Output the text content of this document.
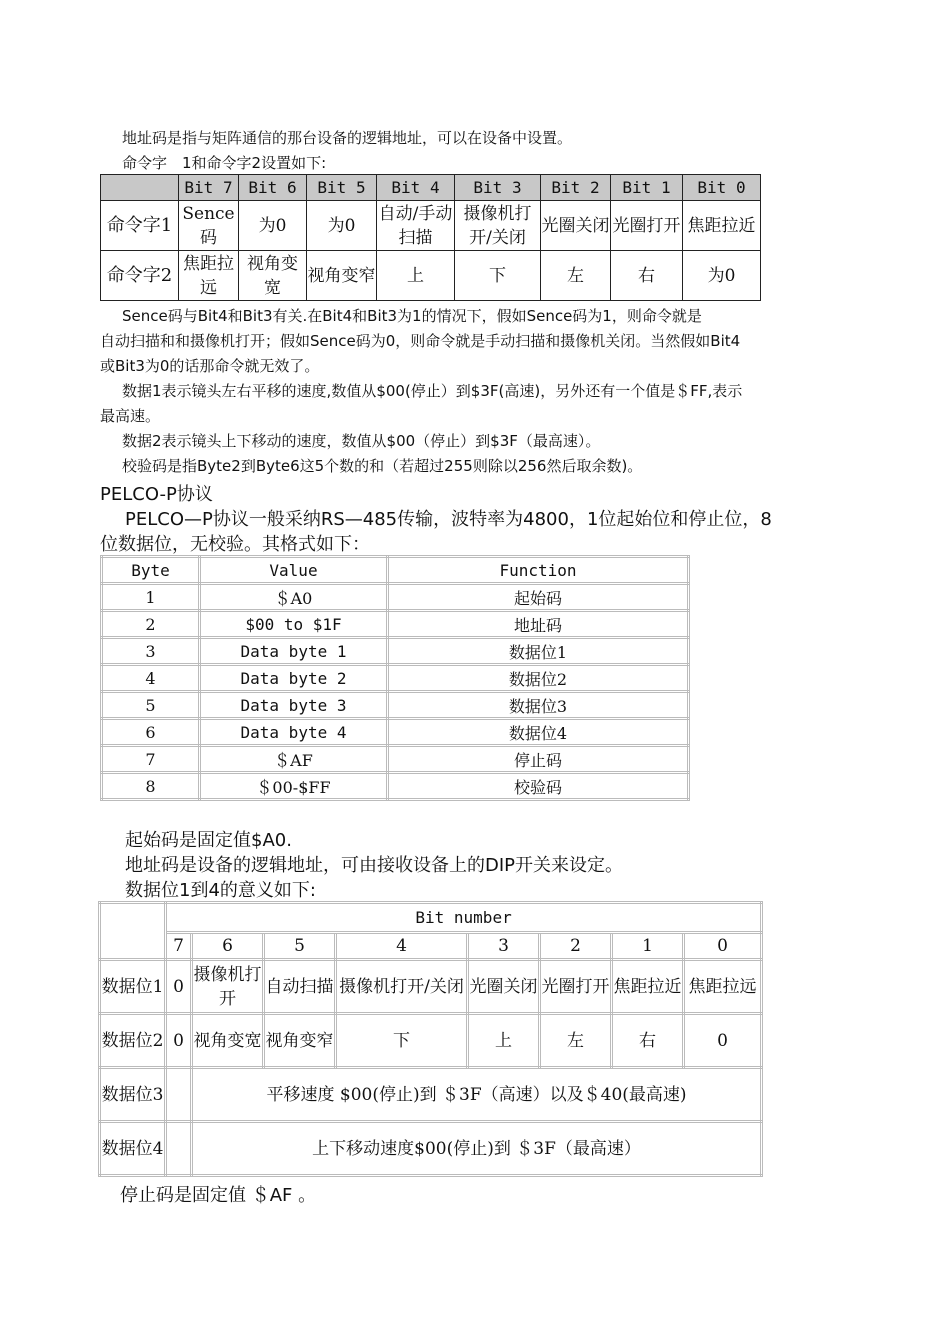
地址码是指与矩阵通信的那台设备的逻辑地址，可以在设备中设置。

命令字　1和命令字2设置如下:

	Bit 7	Bit 6	Bit 5	Bit 4	Bit 3	Bit 2	Bit 1	Bit 0
命令字1	Sence码	为0	为0	自动/手动扫描	摄像机打开/关闭	光圈关闭	光圈打开	焦距拉近
命令字2	焦距拉远	视角变宽	视角变窄	上	下	左	右	为0

Sence码与Bit4和Bit3有关.在Bit4和Bit3为1的情况下，假如Sence码为1，则命令就是

自动扫描和和摄像机打开；假如Sence码为0，则命令就是手动扫描和摄像机关闭。当然假如Bit4

或Bit3为0的话那命令就无效了。

数据1表示镜头左右平移的速度,数值从$00(停止）到$3F(高速)，另外还有一个值是＄FF,表示

最高速。

数据2表示镜头上下移动的速度，数值从$00（停止）到$3F（最高速）。

校验码是指Byte2到Byte6这5个数的和（若超过255则除以256然后取余数)。

PELCO-P协议

PELCO—P协议一般采纳RS—485传输，波特率为4800，1位起始位和停止位，8

位数据位，无校验。其格式如下：

Byte	Value	Function
1	＄A0	起始码
2	$00 to $1F	地址码
3	Data byte 1	数据位1
4	Data byte 2	数据位2
5	Data byte 3	数据位3
6	Data byte 4	数据位4
7	＄AF	停止码
8	＄00-$FF	校验码

起始码是固定值$A0.

地址码是设备的逻辑地址，可由接收设备上的DIP开关来设定。

数据位1到4的意义如下:

	Bit number							
	7	6	5	4	3	2	1	0
数据位1	0	摄像机打开	自动扫描	摄像机打开/关闭	光圈关闭	光圈打开	焦距拉近	焦距拉远
数据位2	0	视角变宽	视角变窄	下	上	左	右	0
数据位3		平移速度 $00(停止)到 ＄3F（高速）以及＄40(最高速)						
数据位4		上下移动速度$00(停止)到 ＄3F（最高速）						

停止码是固定值 ＄AF 。
